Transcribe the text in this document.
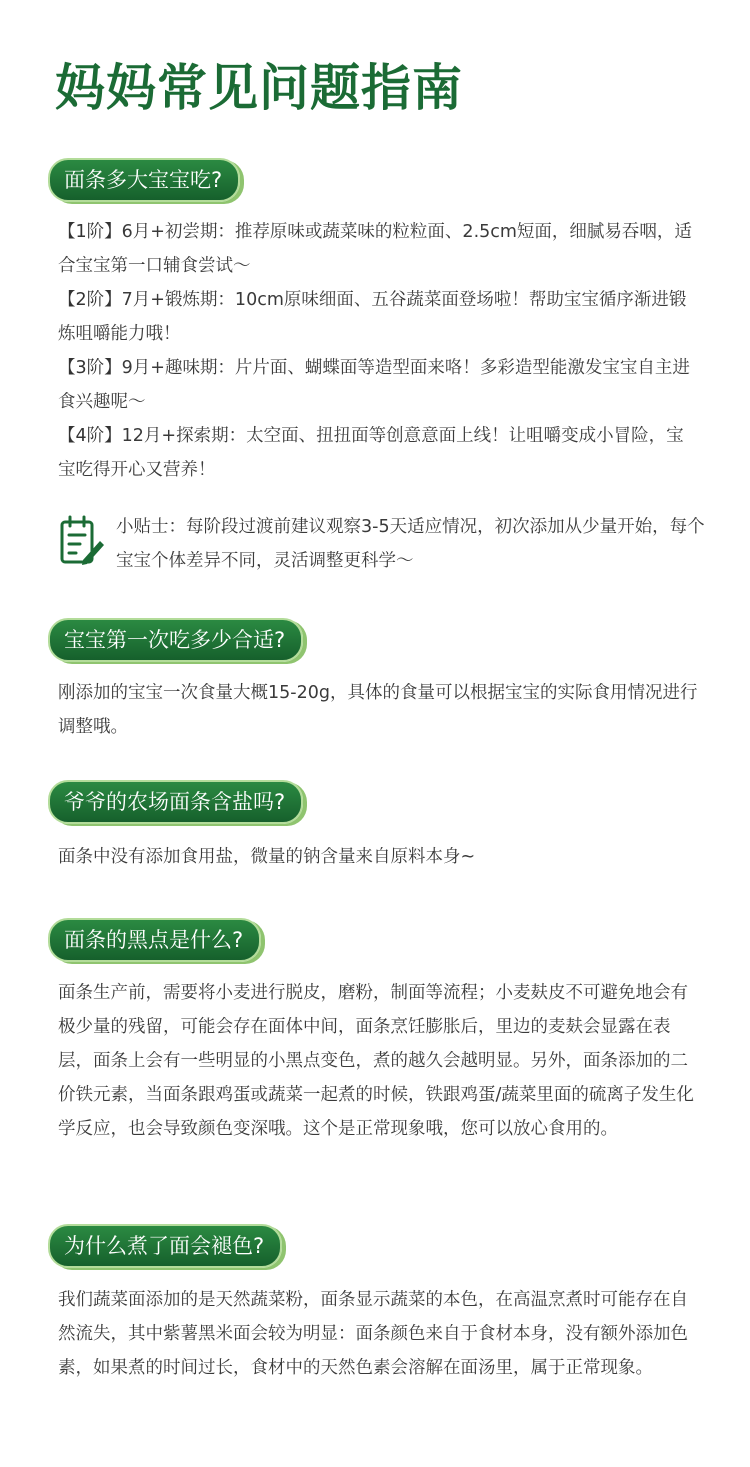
妈妈常见问题指南
面条多大宝宝吃?
【1阶】6月+初尝期：推荐原味或蔬菜味的粒粒面、2.5cm短面，细腻易吞咽，适合宝宝第一口辅食尝试～
【2阶】7月+锻炼期：10cm原味细面、五谷蔬菜面登场啦！帮助宝宝循序渐进锻炼咀嚼能力哦！
【3阶】9月+趣味期：片片面、蝴蝶面等造型面来咯！多彩造型能激发宝宝自主进食兴趣呢～
【4阶】12月+探索期：太空面、扭扭面等创意意面上线！让咀嚼变成小冒险，宝宝吃得开心又营养！

小贴士：每阶段过渡前建议观察3-5天适应情况，初次添加从少量开始，每个宝宝个体差异不同，灵活调整更科学～

宝宝第一次吃多少合适?

刚添加的宝宝一次食量大概15-20g，具体的食量可以根据宝宝的实际食用情况进行调整哦。

爷爷的农场面条含盐吗?

面条中没有添加食用盐，微量的钠含量来自原料本身~

面条的黑点是什么?

面条生产前，需要将小麦进行脱皮，磨粉，制面等流程；小麦麸皮不可避免地会有极少量的残留，可能会存在面体中间，面条烹饪膨胀后，里边的麦麸会显露在表层，面条上会有一些明显的小黑点变色，煮的越久会越明显。另外，面条添加的二价铁元素，当面条跟鸡蛋或蔬菜一起煮的时候，铁跟鸡蛋/蔬菜里面的硫离子发生化学反应，也会导致颜色变深哦。这个是正常现象哦，您可以放心食用的。

为什么煮了面会褪色?

我们蔬菜面添加的是天然蔬菜粉，面条显示蔬菜的本色，在高温烹煮时可能存在自然流失，其中紫薯黑米面会较为明显：面条颜色来自于食材本身，没有额外添加色素，如果煮的时间过长，食材中的天然色素会溶解在面汤里，属于正常现象。
